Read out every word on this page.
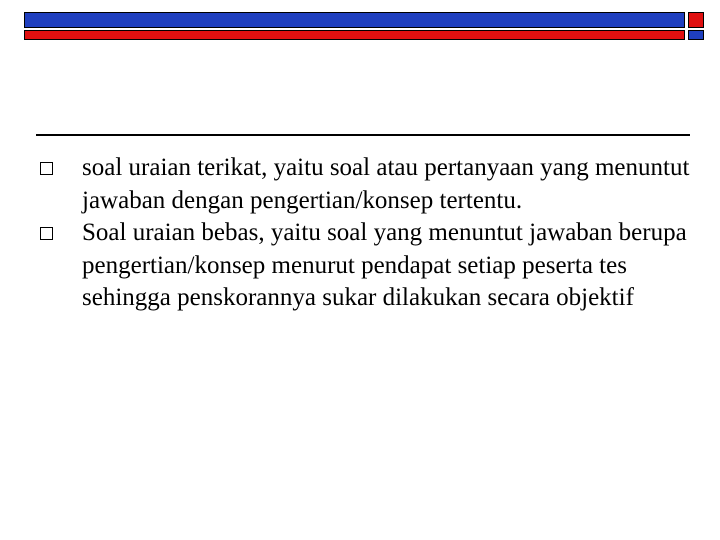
soal uraian terikat, yaitu soal atau pertanyaan yang menuntut jawaban dengan pengertian/konsep tertentu.

Soal uraian bebas, yaitu soal yang menuntut jawaban berupa pengertian/konsep menurut pendapat setiap peserta tes sehingga penskorannya sukar dilakukan secara objektif
